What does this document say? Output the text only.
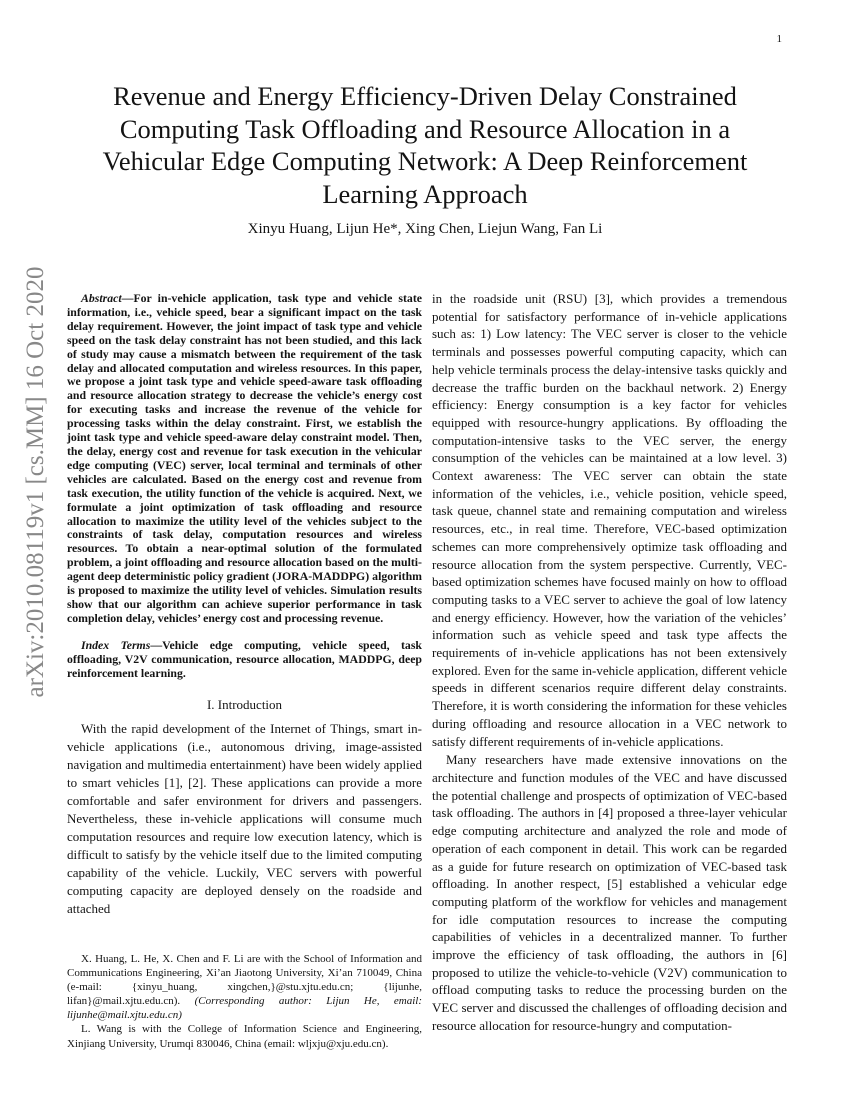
1
arXiv:2010.08119v1 [cs.MM] 16 Oct 2020
Revenue and Energy Efficiency-Driven Delay Constrained
Computing Task Offloading and Resource Allocation in a
Vehicular Edge Computing Network: A Deep Reinforcement
Learning Approach
Xinyu Huang, Lijun He*, Xing Chen, Liejun Wang, Fan Li
Abstract—For in-vehicle application, task type and vehicle state information, i.e., vehicle speed, bear a significant impact on the task delay requirement. However, the joint impact of task type and vehicle speed on the task delay constraint has not been studied, and this lack of study may cause a mismatch between the requirement of the task delay and allocated computation and wireless resources. In this paper, we propose a joint task type and vehicle speed-aware task offloading and resource allocation strategy to decrease the vehicle’s energy cost for executing tasks and increase the revenue of the vehicle for processing tasks within the delay constraint. First, we establish the joint task type and vehicle speed-aware delay constraint model. Then, the delay, energy cost and revenue for task execution in the vehicular edge computing (VEC) server, local terminal and terminals of other vehicles are calculated. Based on the energy cost and revenue from task execution, the utility function of the vehicle is acquired. Next, we formulate a joint optimization of task offloading and resource allocation to maximize the utility level of the vehicles subject to the constraints of task delay, computation resources and wireless resources. To obtain a near-optimal solution of the formulated problem, a joint offloading and resource allocation based on the multi-agent deep deterministic policy gradient (JORA-MADDPG) algorithm is proposed to maximize the utility level of vehicles. Simulation results show that our algorithm can achieve superior performance in task completion delay, vehicles’ energy cost and processing revenue.
Index Terms—Vehicle edge computing, vehicle speed, task offloading, V2V communication, resource allocation, MADDPG, deep reinforcement learning.
I. Introduction
With the rapid development of the Internet of Things, smart in-vehicle applications (i.e., autonomous driving, image-assisted navigation and multimedia entertainment) have been widely applied to smart vehicles [1], [2]. These applications can provide a more comfortable and safer environment for drivers and passengers. Nevertheless, these in-vehicle applications will consume much computation resources and require low execution latency, which is difficult to satisfy by the vehicle itself due to the limited computing capability of the vehicle. Luckily, VEC servers with powerful computing capacity are deployed densely on the roadside and attached
X. Huang, L. He, X. Chen and F. Li are with the School of Information and Communications Engineering, Xi’an Jiaotong University, Xi’an 710049, China (e-mail: {xinyu_huang, xingchen,}@stu.xjtu.edu.cn; {lijunhe, lifan}@mail.xjtu.edu.cn). (Corresponding author: Lijun He, email: lijunhe@mail.xjtu.edu.cn)
L. Wang is with the College of Information Science and Engineering, Xinjiang University, Urumqi 830046, China (email: wljxju@xju.edu.cn).
in the roadside unit (RSU) [3], which provides a tremendous potential for satisfactory performance of in-vehicle applications such as: 1) Low latency: The VEC server is closer to the vehicle terminals and possesses powerful computing capacity, which can help vehicle terminals process the delay-intensive tasks quickly and decrease the traffic burden on the backhaul network. 2) Energy efficiency: Energy consumption is a key factor for vehicles equipped with resource-hungry applications. By offloading the computation-intensive tasks to the VEC server, the energy consumption of the vehicles can be maintained at a low level. 3) Context awareness: The VEC server can obtain the state information of the vehicles, i.e., vehicle position, vehicle speed, task queue, channel state and remaining computation and wireless resources, etc., in real time. Therefore, VEC-based optimization schemes can more comprehensively optimize task offloading and resource allocation from the system perspective. Currently, VEC-based optimization schemes have focused mainly on how to offload computing tasks to a VEC server to achieve the goal of low latency and energy efficiency. However, how the variation of the vehicles’ information such as vehicle speed and task type affects the requirements of in-vehicle applications has not been extensively explored. Even for the same in-vehicle application, different vehicle speeds in different scenarios require different delay constraints. Therefore, it is worth considering the information for these vehicles during offloading and resource allocation in a VEC network to satisfy different requirements of in-vehicle applications.
Many researchers have made extensive innovations on the architecture and function modules of the VEC and have discussed the potential challenge and prospects of optimization of VEC-based task offloading. The authors in [4] proposed a three-layer vehicular edge computing architecture and analyzed the role and mode of operation of each component in detail. This work can be regarded as a guide for future research on optimization of VEC-based task offloading. In another respect, [5] established a vehicular edge computing platform of the workflow for vehicles and management for idle computation resources to increase the computing capabilities of vehicles in a decentralized manner. To further improve the efficiency of task offloading, the authors in [6] proposed to utilize the vehicle-to-vehicle (V2V) communication to offload computing tasks to reduce the processing burden on the VEC server and discussed the challenges of offloading decision and resource allocation for resource-hungry and computation-
